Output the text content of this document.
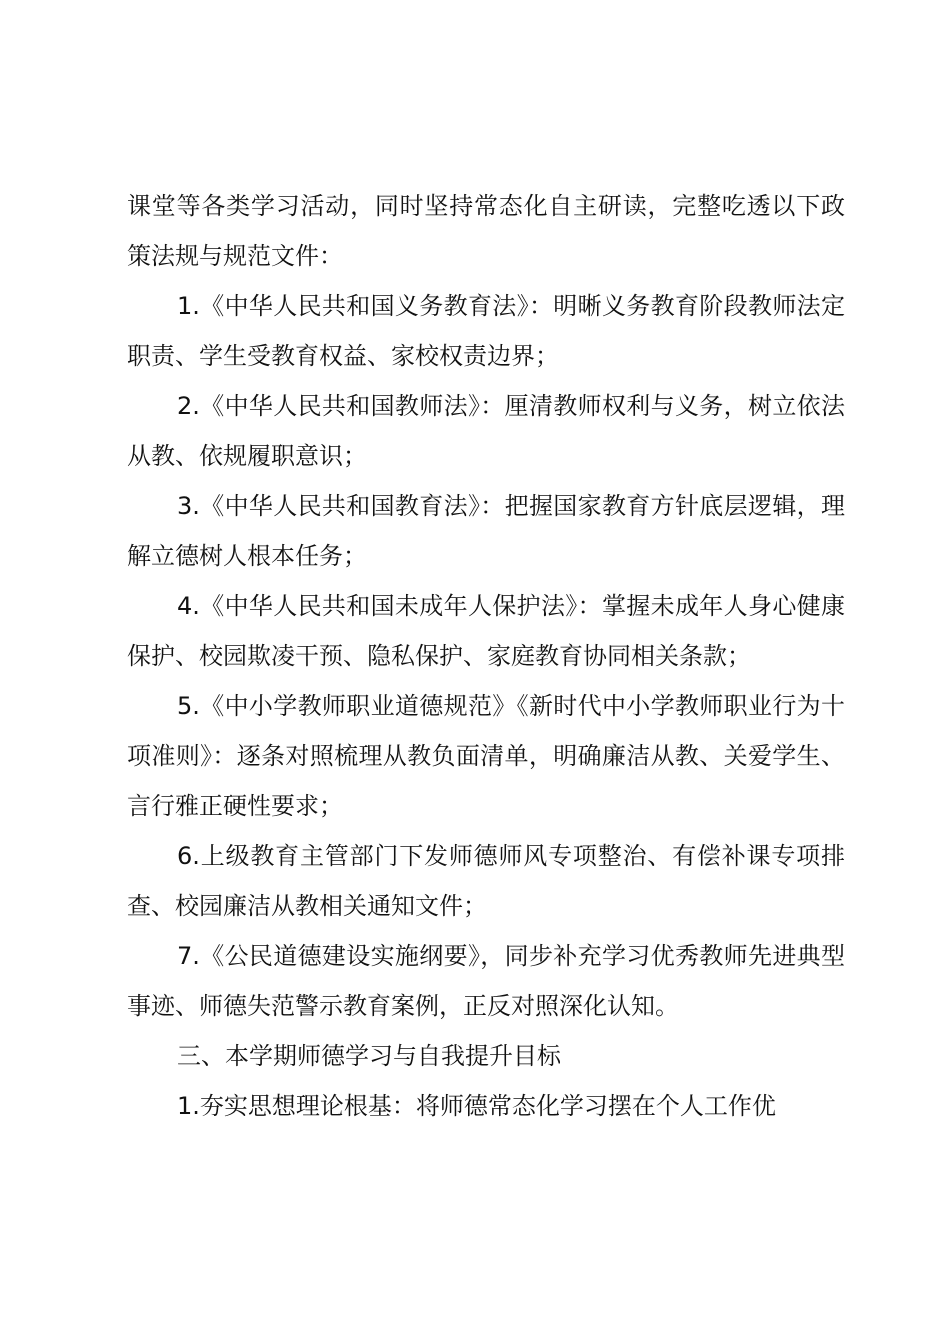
课堂等各类学习活动，同时坚持常态化自主研读，完整吃透以下政策法规与规范文件：

1.《中华人民共和国义务教育法》：明晰义务教育阶段教师法定职责、学生受教育权益、家校权责边界；

2.《中华人民共和国教师法》：厘清教师权利与义务，树立依法从教、依规履职意识；

3.《中华人民共和国教育法》：把握国家教育方针底层逻辑，理解立德树人根本任务；

4.《中华人民共和国未成年人保护法》：掌握未成年人身心健康保护、校园欺凌干预、隐私保护、家庭教育协同相关条款；

5.《中小学教师职业道德规范》《新时代中小学教师职业行为十项准则》：逐条对照梳理从教负面清单，明确廉洁从教、关爱学生、言行雅正硬性要求；

6.上级教育主管部门下发师德师风专项整治、有偿补课专项排查、校园廉洁从教相关通知文件；

7.《公民道德建设实施纲要》，同步补充学习优秀教师先进典型事迹、师德失范警示教育案例，正反对照深化认知。

三、本学期师德学习与自我提升目标

1.夯实思想理论根基：将师德常态化学习摆在个人工作优
